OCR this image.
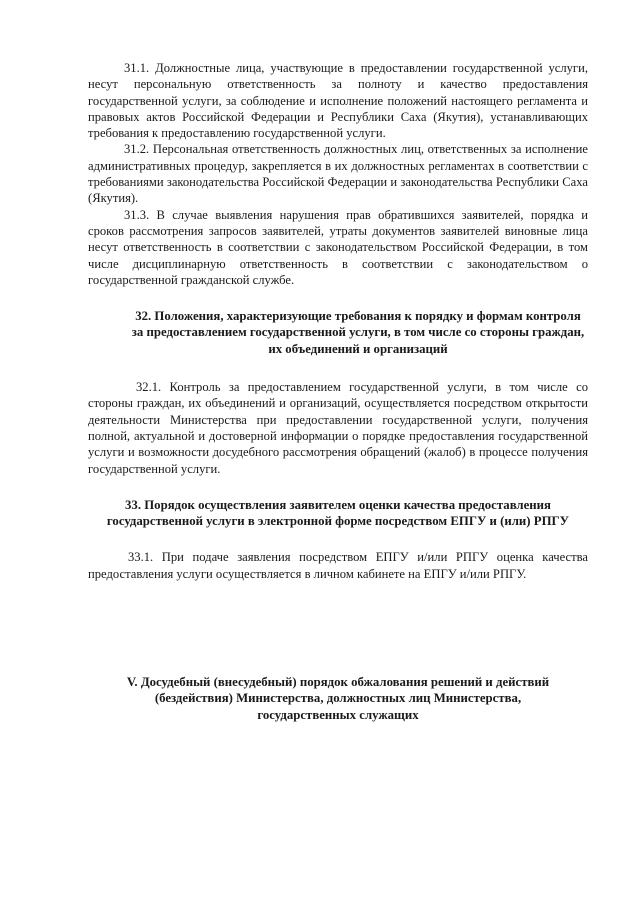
31.1. Должностные лица, участвующие в предоставлении государственной услуги, несут персональную ответственность за полноту и качество предоставления государственной услуги, за соблюдение и исполнение положений настоящего регламента и правовых актов Российской Федерации и Республики Саха (Якутия), устанавливающих требования к предоставлению государственной услуги.

31.2. Персональная ответственность должностных лиц, ответственных за исполнение административных процедур, закрепляется в их должностных регламентах в соответствии с требованиями законодательства Российской Федерации и законодательства Республики Саха (Якутия).

31.3. В случае выявления нарушения прав обратившихся заявителей, порядка и сроков рассмотрения запросов заявителей, утраты документов заявителей виновные лица несут ответственность в соответствии с законодательством Российской Федерации, в том числе дисциплинарную ответственность в соответствии с законодательством о государственной гражданской службе.

32. Положения, характеризующие требования к порядку и формам контроля за предоставлением государственной услуги, в том числе со стороны граждан, их объединений и организаций

32.1. Контроль за предоставлением государственной услуги, в том числе со стороны граждан, их объединений и организаций, осуществляется посредством открытости деятельности Министерства при предоставлении государственной услуги, получения полной, актуальной и достоверной информации о порядке предоставления государственной услуги и возможности досудебного рассмотрения обращений (жалоб) в процессе получения государственной услуги.

33. Порядок осуществления заявителем оценки качества предоставления государственной услуги в электронной форме посредством ЕПГУ и (или) РПГУ

33.1. При подаче заявления посредством ЕПГУ и/или РПГУ оценка качества предоставления услуги осуществляется в личном кабинете на ЕПГУ и/или РПГУ.

V. Досудебный (внесудебный) порядок обжалования решений и действий (бездействия) Министерства, должностных лиц Министерства, государственных служащих
